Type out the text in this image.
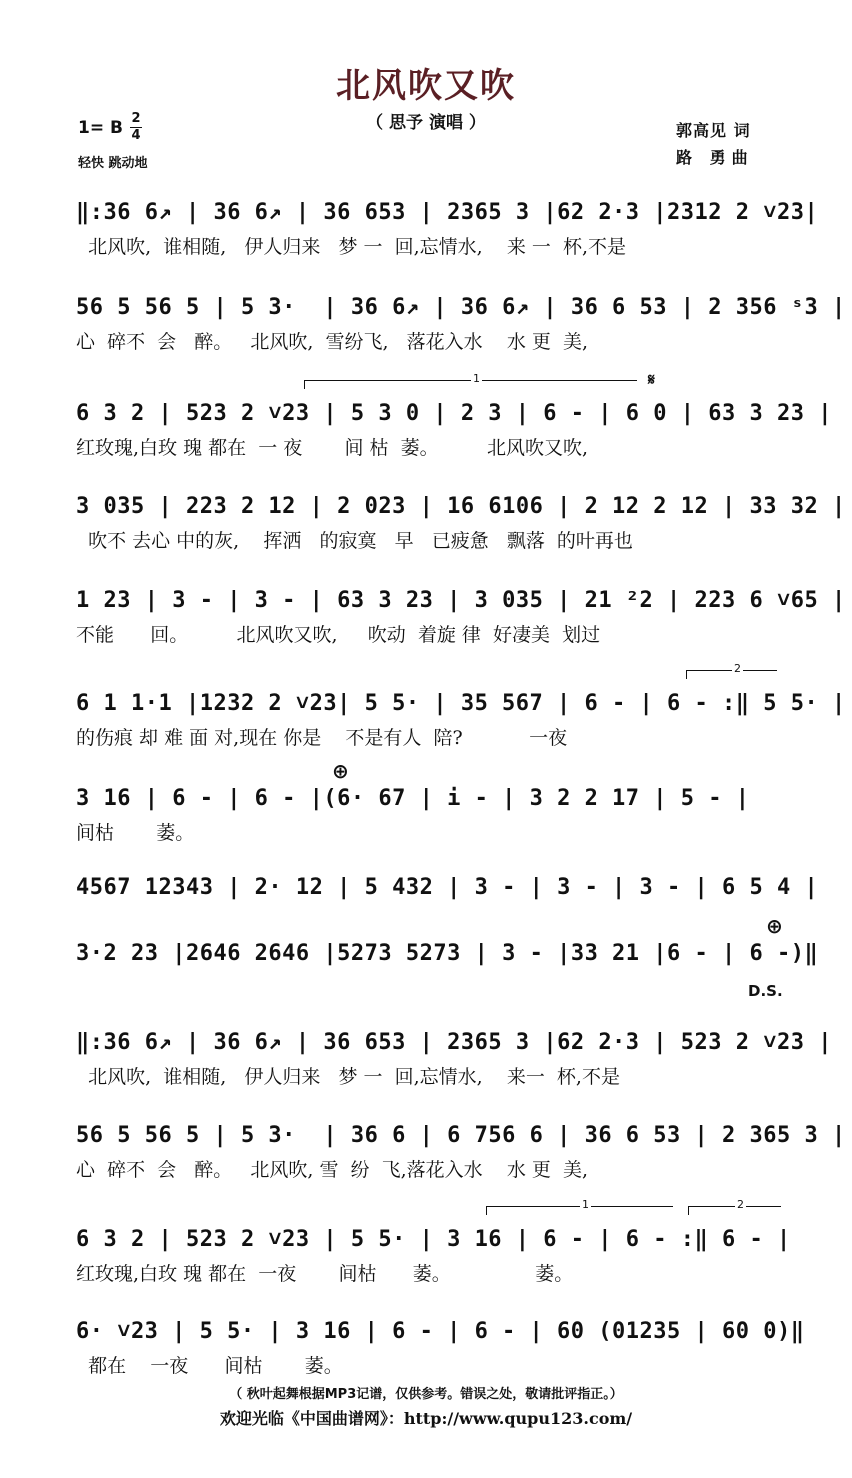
北风吹又吹
（ 思予 演唱 ）
1= B 2
4
轻快 跳动地
郭高见 词
路 勇曲
‖:36 6↗ | 36 6↗ | 36 653 | 2365 3 |62 2·3 |2312 2 ˅23|
北风吹,  谁相随,   伊人归来   梦 一  回,忘情水,    来 一  杯,不是
56 5 56 5 | 5 3·  | 36 6↗ | 36 6↗ | 36 6 53 | 2 356 ˢ3 |
心  碎不  会   醉。   北风吹,  雪纷飞,   落花入水    水 更  美,
1	𝄋
6 3 2 | 523 2 ˅23 | 5 3 0 | 2 3 | 6 - | 6 0 | 63 3 23 |
红玫瑰,白玫 瑰 都在  一 夜       间 枯  萎。        北风吹又吹,
3 035 | 223 2 12 | 2 023 | 16 6106 | 2 12 2 12 | 33 32 |
吹不 去心 中的灰,    挥洒   的寂寞   早   已疲惫   飘落  的叶再也
1 23 | 3 - | 3 - | 63 3 23 | 3 035 | 21 ²2 | 223 6 ˅65 |
不能      回。        北风吹又吹,     吹动  着旋 律  好凄美  划过
2
6 1 1·1 |1232 2 ˅23| 5 5· | 35 567 | 6 - | 6 - :‖ 5 5· |
的伤痕 却 难 面 对,现在 你是    不是有人  陪?           一夜
⊕
3 16 | 6 - | 6 - |(6· 67 | i - | 3 2 2 17 | 5 - |
间枯       萎。
4567 12343 | 2· 12 | 5 432 | 3 - | 3 - | 3 - | 6 5 4 |
⊕
3·2 23 |2646 2646 |5273 5273 | 3 - |33 21 |6 - | 6 -)‖
D.S.
‖:36 6↗ | 36 6↗ | 36 653 | 2365 3 |62 2·3 | 523 2 ˅23 |
北风吹,  谁相随,   伊人归来   梦 一  回,忘情水,    来一  杯,不是
56 5 56 5 | 5 3·  | 36 6 | 6 756 6 | 36 6 53 | 2 365 3 |
心  碎不  会   醉。   北风吹, 雪  纷  飞,落花入水    水 更  美,
1	2
6 3 2 | 523 2 ˅23 | 5 5· | 3 16 | 6 - | 6 - :‖ 6 - |
红玫瑰,白玫 瑰 都在  一夜       间枯      萎。              萎。
6· ˅23 | 5 5· | 3 16 | 6 - | 6 - | 60 (01235 | 60 0)‖
都在    一夜      间枯       萎。
（ 秋叶起舞根据MP3记谱，仅供参考。错误之处，敬请批评指正。）
欢迎光临《中国曲谱网》：http://www.qupu123.com/
